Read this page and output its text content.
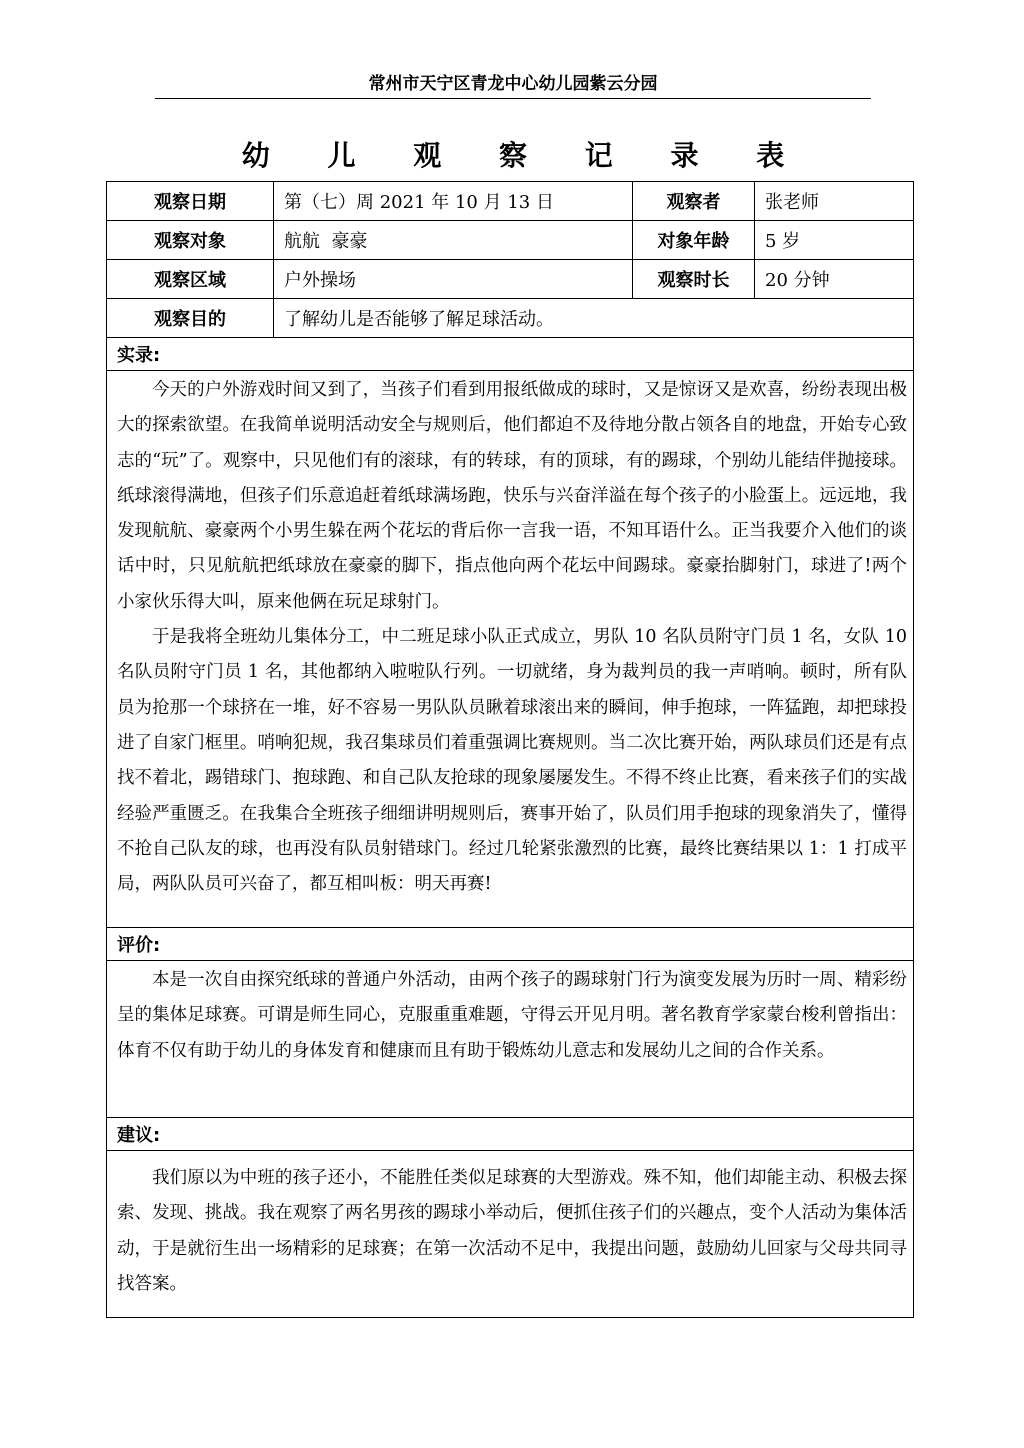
常州市天宁区青龙中心幼儿园紫云分园
幼 儿 观 察 记 录 表
观察日期	第（七）周 2021 年 10 月 13 日	观察者	张老师
观察对象	航航  豪豪	对象年龄	5 岁
观察区域	户外操场	观察时长	20 分钟
观察目的	了解幼儿是否能够了解足球活动。		
实录:			

今天的户外游戏时间又到了，当孩子们看到用报纸做成的球时，又是惊讶又是欢喜，纷纷表现出极大的探索欲望。在我简单说明活动安全与规则后，他们都迫不及待地分散占领各自的地盘，开始专心致志的“玩”了。观察中，只见他们有的滚球，有的转球，有的顶球，有的踢球，个别幼儿能结伴抛接球。纸球滚得满地，但孩子们乐意追赶着纸球满场跑，快乐与兴奋洋溢在每个孩子的小脸蛋上。远远地，我发现航航、豪豪两个小男生躲在两个花坛的背后你一言我一语，不知耳语什么。正当我要介入他们的谈话中时，只见航航把纸球放在豪豪的脚下，指点他向两个花坛中间踢球。豪豪抬脚射门，球进了!两个小家伙乐得大叫，原来他俩在玩足球射门。

于是我将全班幼儿集体分工，中二班足球小队正式成立，男队 10 名队员附守门员 1 名，女队 10 名队员附守门员 1 名，其他都纳入啦啦队行列。一切就绪，身为裁判员的我一声哨响。顿时，所有队员为抢那一个球挤在一堆，好不容易一男队队员瞅着球滚出来的瞬间，伸手抱球，一阵猛跑，却把球投进了自家门框里。哨响犯规，我召集球员们着重强调比赛规则。当二次比赛开始，两队球员们还是有点找不着北，踢错球门、抱球跑、和自己队友抢球的现象屡屡发生。不得不终止比赛，看来孩子们的实战经验严重匮乏。在我集合全班孩子细细讲明规则后，赛事开始了，队员们用手抱球的现象消失了，懂得不抢自己队友的球，也再没有队员射错球门。经过几轮紧张激烈的比赛，最终比赛结果以 1：1 打成平局，两队队员可兴奋了，都互相叫板：明天再赛!			

评价:			

本是一次自由探究纸球的普通户外活动，由两个孩子的踢球射门行为演变发展为历时一周、精彩纷呈的集体足球赛。可谓是师生同心，克服重重难题，守得云开见月明。著名教育学家蒙台梭利曾指出：体育不仅有助于幼儿的身体发育和健康而且有助于锻炼幼儿意志和发展幼儿之间的合作关系。			

建议:			

我们原以为中班的孩子还小，不能胜任类似足球赛的大型游戏。殊不知，他们却能主动、积极去探索、发现、挑战。我在观察了两名男孩的踢球小举动后，便抓住孩子们的兴趣点，变个人活动为集体活动，于是就衍生出一场精彩的足球赛；在第一次活动不足中，我提出问题，鼓励幼儿回家与父母共同寻找答案。			
